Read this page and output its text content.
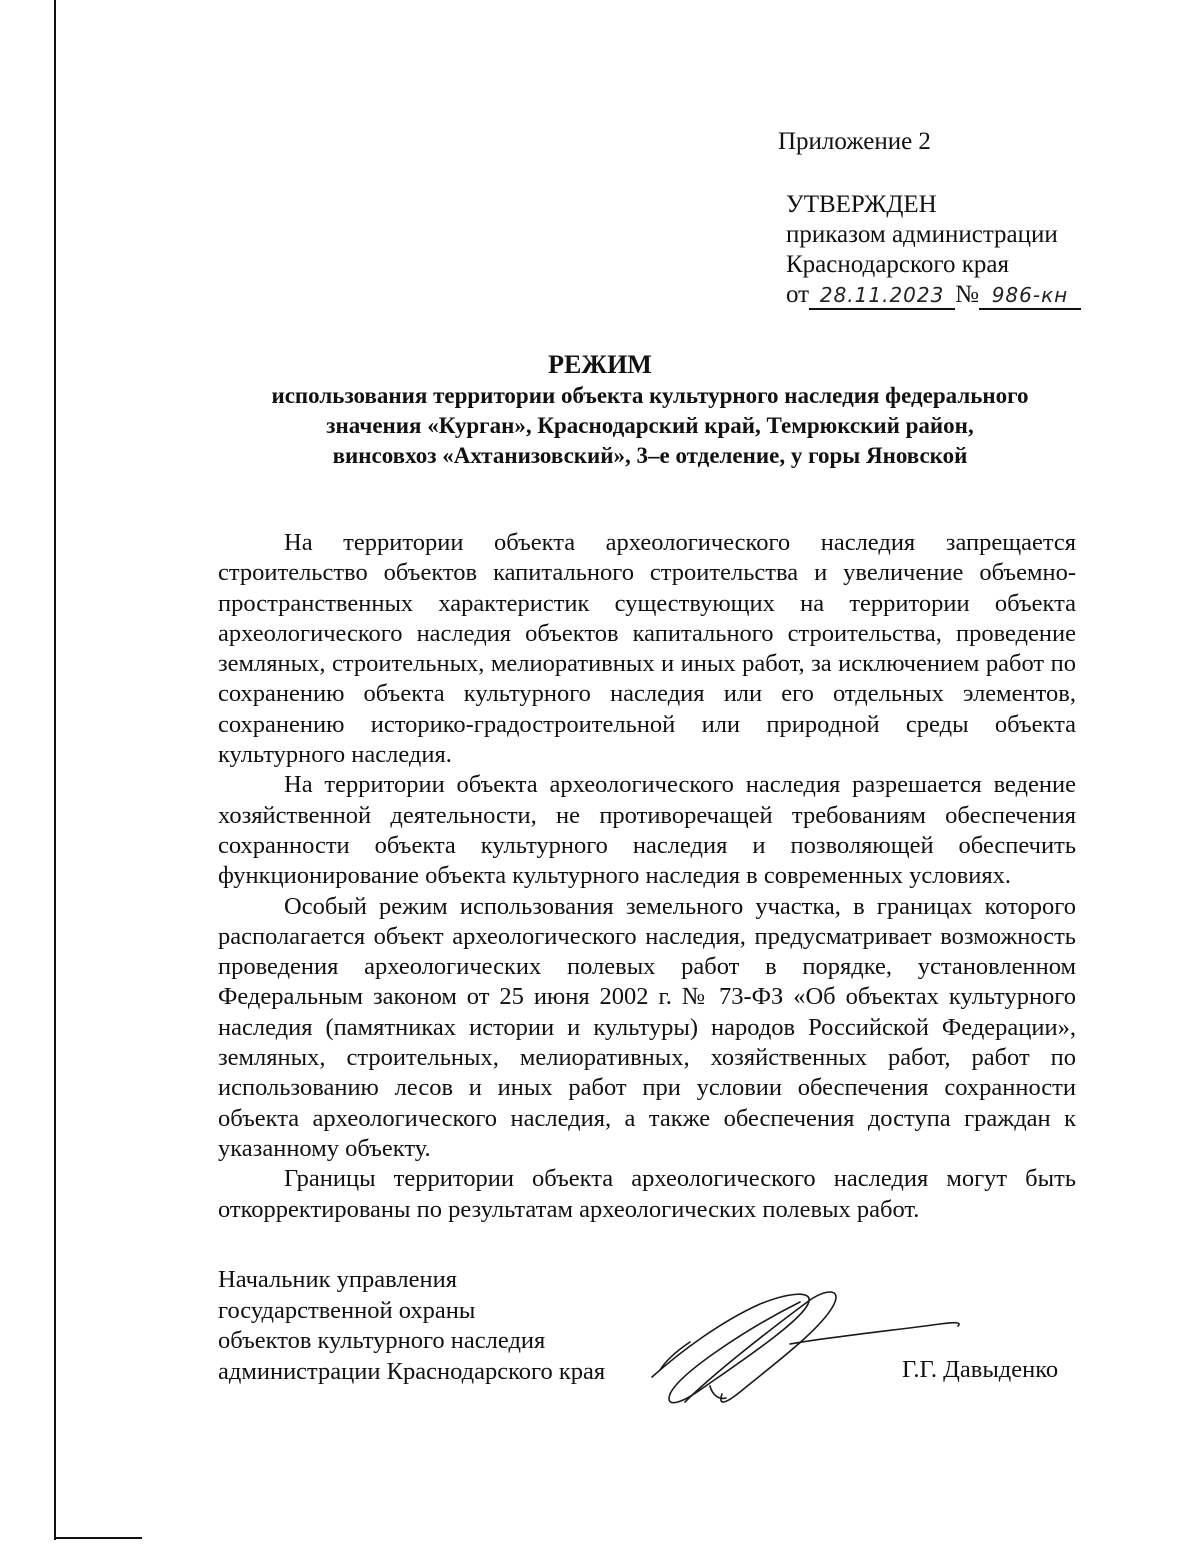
Приложение 2
УТВЕРЖДЕН
приказом администрации
Краснодарского края
от 28.11.2023 № 986-кн
РЕЖИМ
использования территории объекта культурного наследия федерального
значения «Курган», Краснодарский край, Темрюкский район,
винсовхоз «Ахтанизовский», 3–е отделение, у горы Яновской

На территории объекта археологического наследия запрещается строительство объектов капитального строительства и увеличение объемно-пространственных характеристик существующих на территории объекта археологического наследия объектов капитального строительства, проведение земляных, строительных, мелиоративных и иных работ, за исключением работ по сохранению объекта культурного наследия или его отдельных элементов, сохранению историко-градостроительной или природной среды объекта культурного наследия.

На территории объекта археологического наследия разрешается ведение хозяйственной деятельности, не противоречащей требованиям обеспечения сохранности объекта культурного наследия и позволяющей обеспечить функционирование объекта культурного наследия в современных условиях.

Особый режим использования земельного участка, в границах которого располагается объект археологического наследия, предусматривает возможность проведения археологических полевых работ в порядке, установленном Федеральным законом от 25 июня 2002 г. № 73-ФЗ «Об объектах культурного наследия (памятниках истории и культуры) народов Российской Федерации», земляных, строительных, мелиоративных, хозяйственных работ, работ по использованию лесов и иных работ при условии обеспечения сохранности объекта археологического наследия, а также обеспечения доступа граждан к указанному объекту.

Границы территории объекта археологического наследия могут быть откорректированы по результатам археологических полевых работ.

Начальник управления
государственной охраны
объектов культурного наследия
администрации Краснодарского края	Г.Г. Давыденко
